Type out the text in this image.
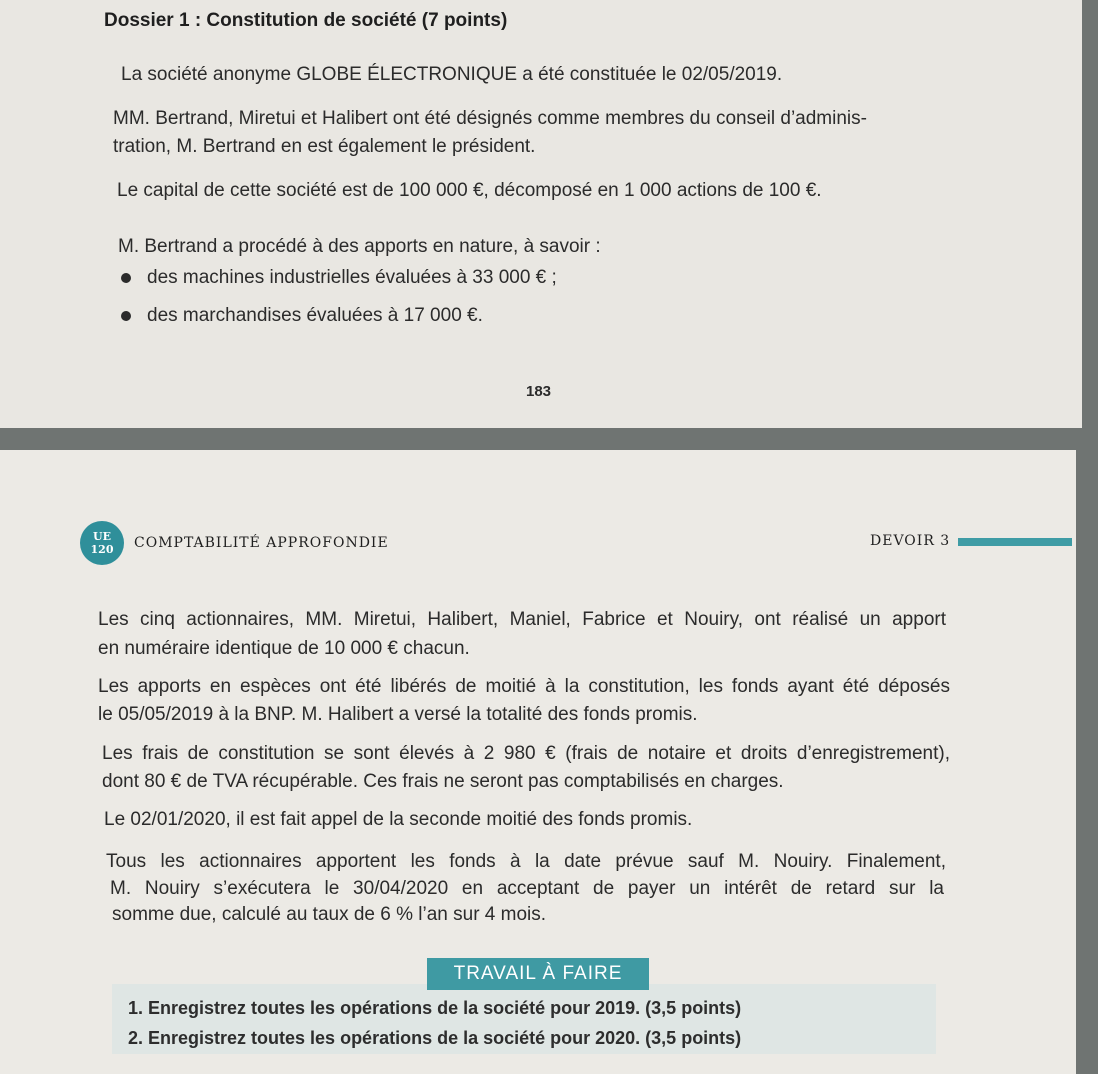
Dossier 1 : Constitution de société (7 points)
La société anonyme GLOBE ÉLECTRONIQUE a été constituée le 02/05/2019.
MM. Bertrand, Miretui et Halibert ont été désignés comme membres du conseil d’adminis-
tration, M. Bertrand en est également le président.
Le capital de cette société est de 100 000 €, décomposé en 1 000 actions de 100 €.
M. Bertrand a procédé à des apports en nature, à savoir :
des machines industrielles évaluées à 33 000 € ;
des marchandises évaluées à 17 000 €.
183
UE
120 COMPTABILITÉ APPROFONDIE	DEVOIR 3
Les cinq actionnaires, MM. Miretui, Halibert, Maniel, Fabrice et Nouiry, ont réalisé un apport
en numéraire identique de 10 000 € chacun.
Les apports en espèces ont été libérés de moitié à la constitution, les fonds ayant été déposés
le 05/05/2019 à la BNP. M. Halibert a versé la totalité des fonds promis.
Les frais de constitution se sont élevés à 2 980 € (frais de notaire et droits d’enregistrement),
dont 80 € de TVA récupérable. Ces frais ne seront pas comptabilisés en charges.
Le 02/01/2020, il est fait appel de la seconde moitié des fonds promis.
Tous les actionnaires apportent les fonds à la date prévue sauf M. Nouiry. Finalement,
M. Nouiry s’exécutera le 30/04/2020 en acceptant de payer un intérêt de retard sur la
somme due, calculé au taux de 6 % l’an sur 4 mois.
TRAVAIL À FAIRE
1. Enregistrez toutes les opérations de la société pour 2019. (3,5 points)
2. Enregistrez toutes les opérations de la société pour 2020. (3,5 points)
